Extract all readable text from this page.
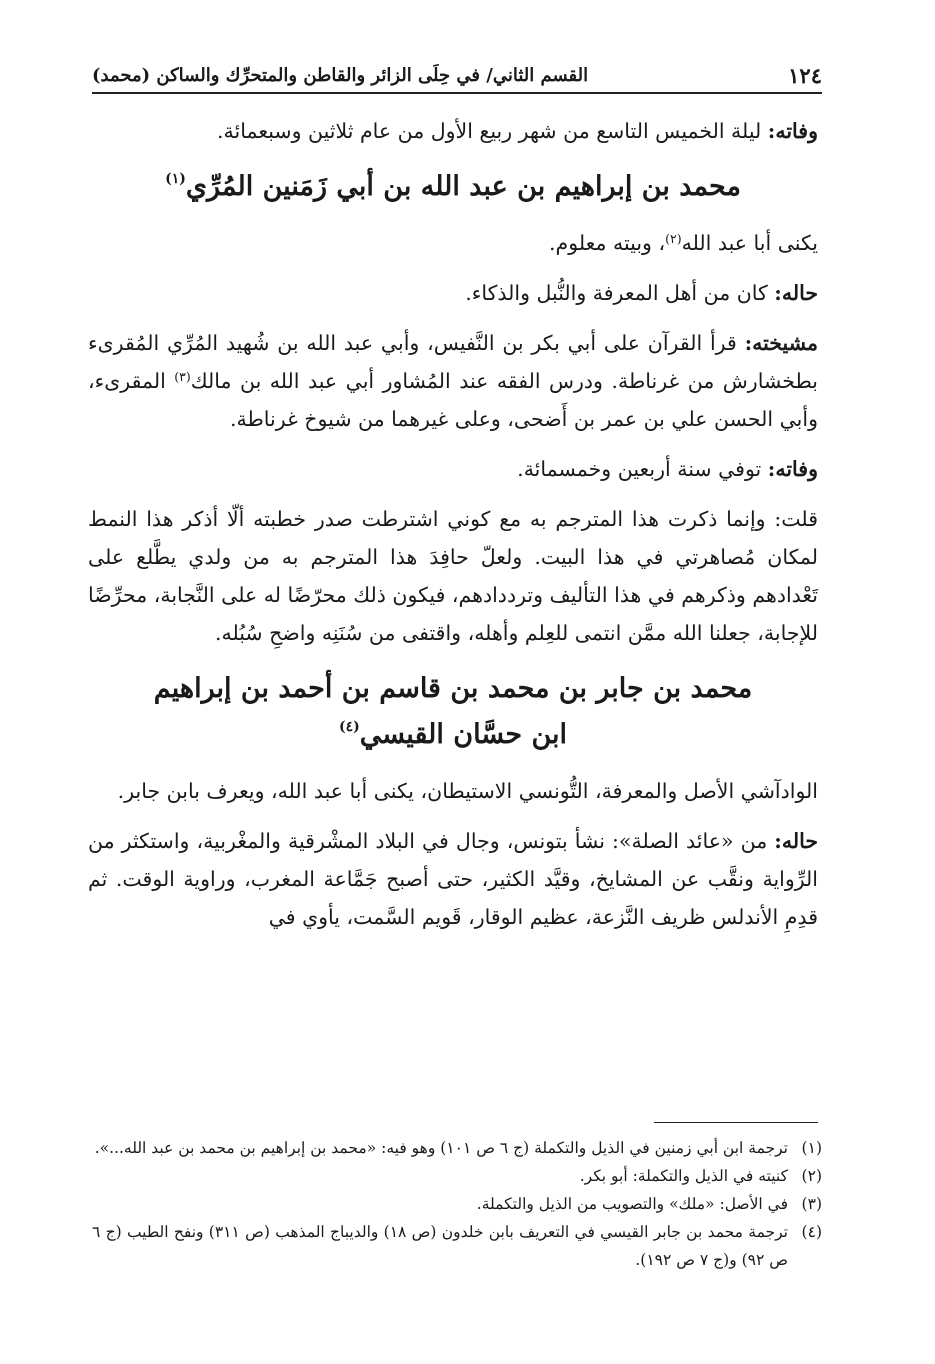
١٢٤
القسم الثاني/ في حِلَى الزائر والقاطن والمتحرِّك والساكن (محمد)

وفاته: ليلة الخميس التاسع من شهر ربيع الأول من عام ثلاثين وسبعمائة.

محمد بن إبراهيم بن عبد الله بن أبي زَمَنين المُرِّي$^{(١)}$

يكنى أبا عبد الله$^{(٢)}$، وبيته معلوم.

حاله: كان من أهل المعرفة والنُّبل والذكاء.

مشيخته: قرأ القرآن على أبي بكر بن النَّفيس، وأبي عبد الله بن شُهيد المُرِّي المُقرىء بطخشارش من غرناطة. ودرس الفقه عند المُشاور أبي عبد الله بن مالك$^{(٣)}$ المقرىء، وأبي الحسن علي بن عمر بن أَضحى، وعلى غيرهما من شيوخ غرناطة.

وفاته: توفي سنة أربعين وخمسمائة.

قلت: وإنما ذكرت هذا المترجم به مع كوني اشترطت صدر خطبته ألّا أذكر هذا النمط لمكان مُصاهرتي في هذا البيت. ولعلّ حافِدَ هذا المترجم به من ولدي يطَّلع على تَعْدادهم وذكرهم في هذا التأليف وترددادهم، فيكون ذلك محرّضًا له على النَّجابة، محرِّضًا للإجابة، جعلنا الله ممَّن انتمى للعِلم وأهله، واقتفى من سُنَنِه واضحِ سُبُله.

محمد بن جابر بن محمد بن قاسم بن أحمد بن إبراهيم
ابن حسَّان القيسي$^{(٤)}$

الوادآشي الأصل والمعرفة، التُّونسي الاستيطان، يكنى أبا عبد الله، ويعرف بابن جابر.

حاله: من «عائد الصلة»: نشأ بتونس، وجال في البلاد المشْرقية والمغْربية، واستكثر من الرِّواية ونقَّب عن المشايخ، وقيَّد الكثير، حتى أصبح جَمَّاعة المغرب، وراوية الوقت. ثم قدِمِ الأندلس ظريف النَّزعة، عظيم الوقار، قَويم السَّمت، يأوي في

(١)
ترجمة ابن أبي زمنين في الذيل والتكملة (ج ٦ ص ١٠١) وهو فيه: «محمد بن إبراهيم بن محمد بن عبد الله...».
(٢)
كنيته في الذيل والتكملة: أبو بكر.
(٣)
في الأصل: «ملك» والتصويب من الذيل والتكملة.
(٤)
ترجمة محمد بن جابر القيسي في التعريف بابن خلدون (ص ١٨) والديباج المذهب (ص ٣١١) ونفح الطيب (ج ٦ ص ٩٢) و(ج ٧ ص ١٩٢).
